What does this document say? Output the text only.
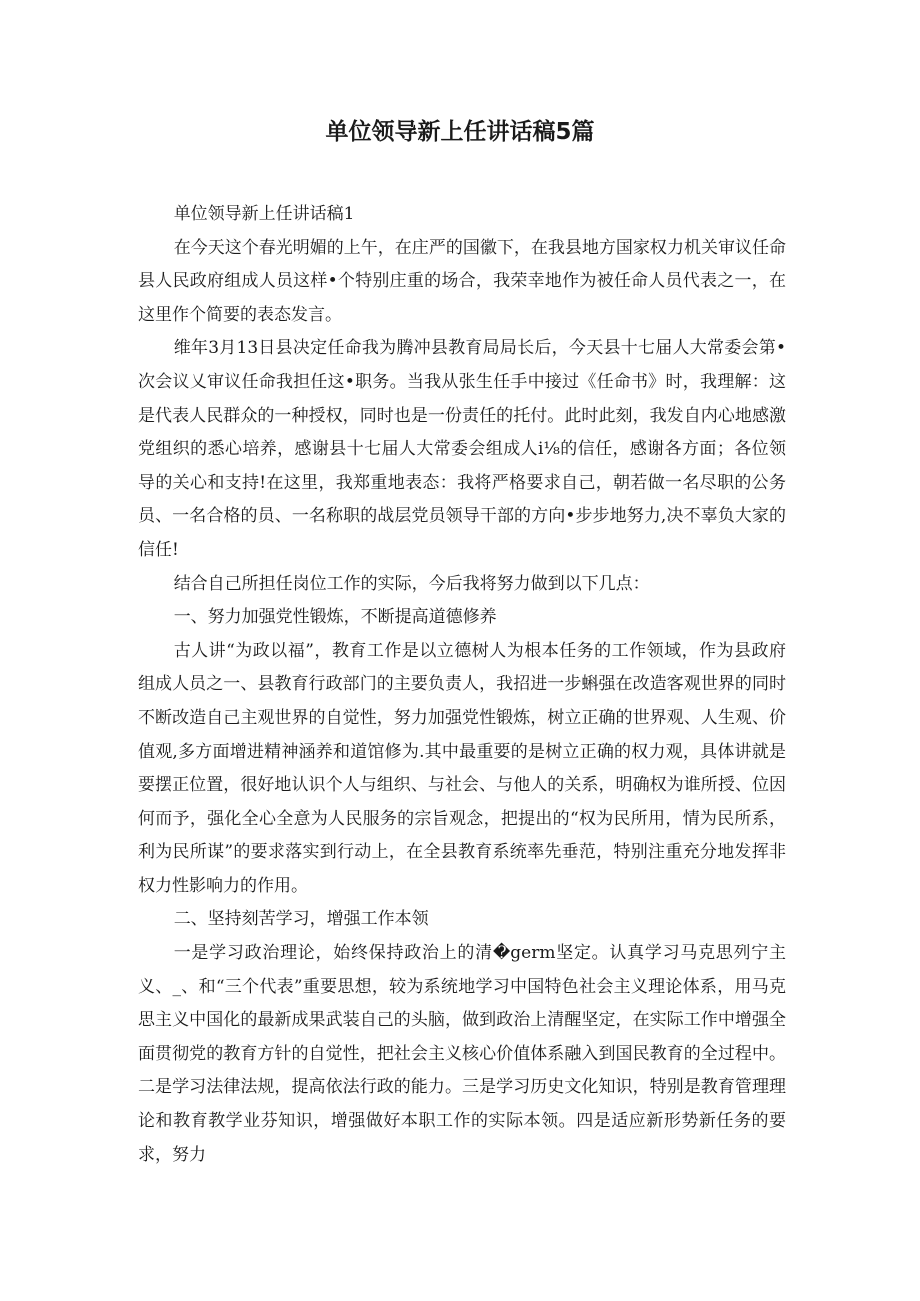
单位领导新上任讲话稿5篇

单位领导新上任讲话稿1

在今天这个春光明媚的上午，在庄严的国徽下，在我县地方国家权力机关审议任命县人民政府组成人员这样•个特别庄重的场合，我荣幸地作为被任命人员代表之一，在这里作个简要的表态发言。

维年3月13日县决定任命我为腾冲县教育局局长后，今天县十七届人大常委会第•次会议乂审议任命我担任这•职务。当我从张生任手中接过《任命书》时，我理解：这是代表人民群众的一种授权，同时也是一份责任的托付。此时此刻，我发自内心地感激党组织的悉心培养，感谢县十七届人大常委会组成人i⅛的信任，感谢各方面；各位领导的关心和支持!在这里，我郑重地表态：我将严格要求自己，朝若做一名尽职的公务员、一名合格的员、一名称职的战层党员领导干部的方向•步步地努力,决不辜负大家的信任!

结合自己所担任岗位工作的实际，今后我将努力做到以下几点：

一、努力加强党性锻炼，不断提高道德修养

古人讲“为政以福”，教育工作是以立德树人为根本任务的工作领域，作为县政府组成人员之一、县教育行政部门的主要负责人，我招进一步蝌强在改造客观世界的同时不断改造自己主观世界的自觉性，努力加强党性锻炼，树立正确的世界观、人生观、价值观,多方面增进精神涵养和道馆修为.其中最重要的是树立正确的权力观，具体讲就是要摆正位置，很好地认识个人与组织、与社会、与他人的关系，明确权为谁所授、位因何而予，强化全心全意为人民服务的宗旨观念，把提出的“权为民所用，情为民所系，利为民所谋”的要求落实到行动上，在全县教育系统率先垂范，特别注重充分地发挥非权力性影响力的作用。

二、坚持刻苦学习，增强工作本领

一是学习政治理论，始终保持政治上的清�germ坚定。认真学习马克思列宁主义、_、和“三个代表”重要思想，较为系统地学习中国特色社会主义理论体系，用马克思主义中国化的最新成果武装自己的头脑，做到政治上清醒坚定，在实际工作中增强全面贯彻党的教育方针的自觉性，把社会主义核心价值体系融入到国民教育的全过程中。二是学习法律法规，提高依法行政的能力。三是学习历史文化知识，特别是教育管理理论和教育教学业芬知识，增强做好本职工作的实际本领。四是适应新形势新任务的要求，努力
